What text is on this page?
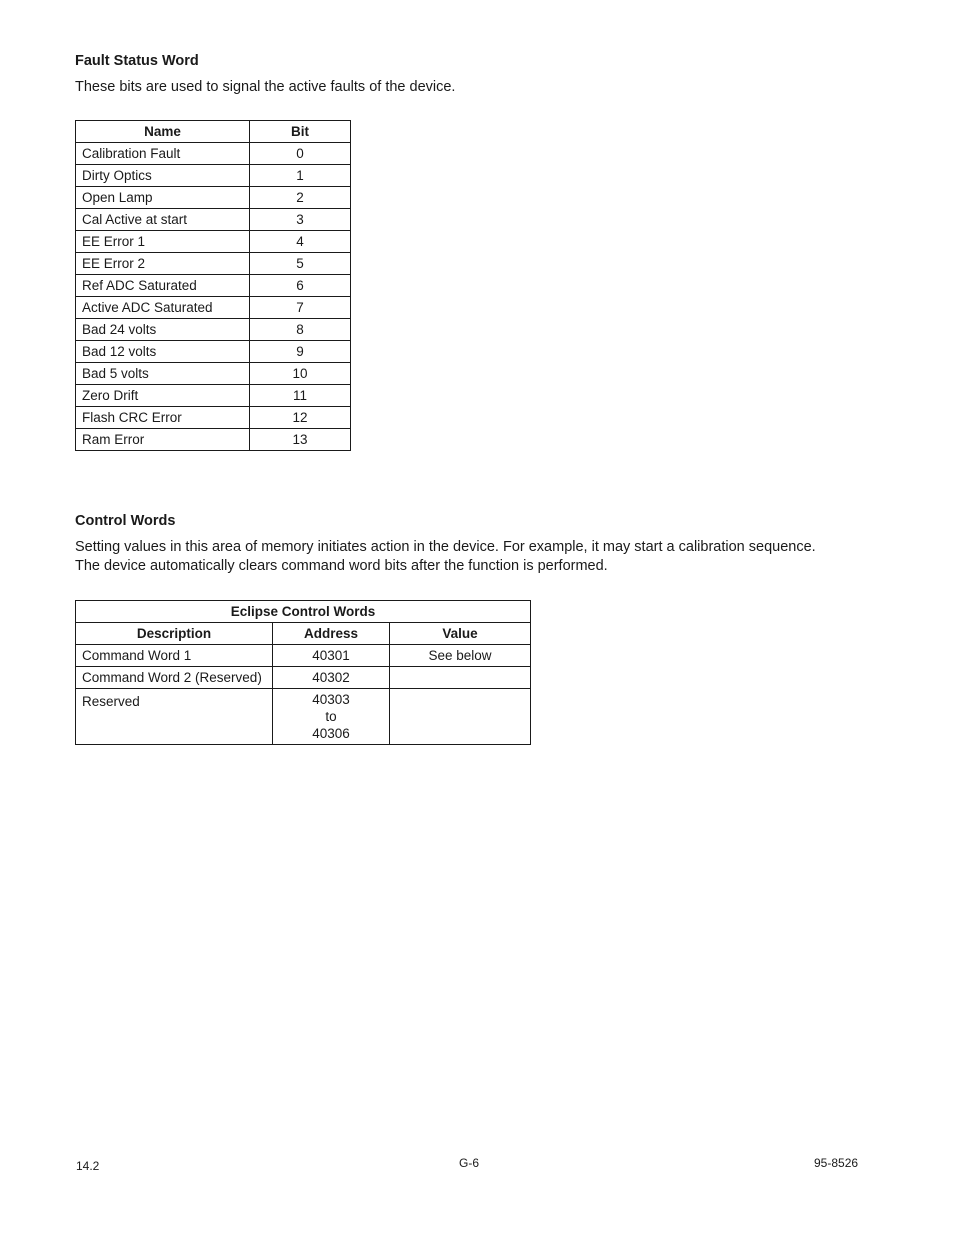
Fault Status Word

These bits are used to signal the active faults of the device.

Name	Bit
Calibration Fault	0
Dirty Optics	1
Open Lamp	2
Cal Active at start	3
EE Error 1	4
EE Error 2	5
Ref ADC Saturated	6
Active ADC Saturated	7
Bad 24 volts	8
Bad 12 volts	9
Bad 5 volts	10
Zero Drift	11
Flash CRC Error	12
Ram Error	13
Control Words

Setting values in this area of memory initiates action in the device. For example, it may start a calibration sequence.

The device automatically clears command word bits after the function is performed.

Eclipse Control Words		
Description	Address	Value
Command Word 1	40301	See below
Command Word 2 (Reserved)	40302	
Reserved	40303
to
40306	

14.2	G-6	95-8526
